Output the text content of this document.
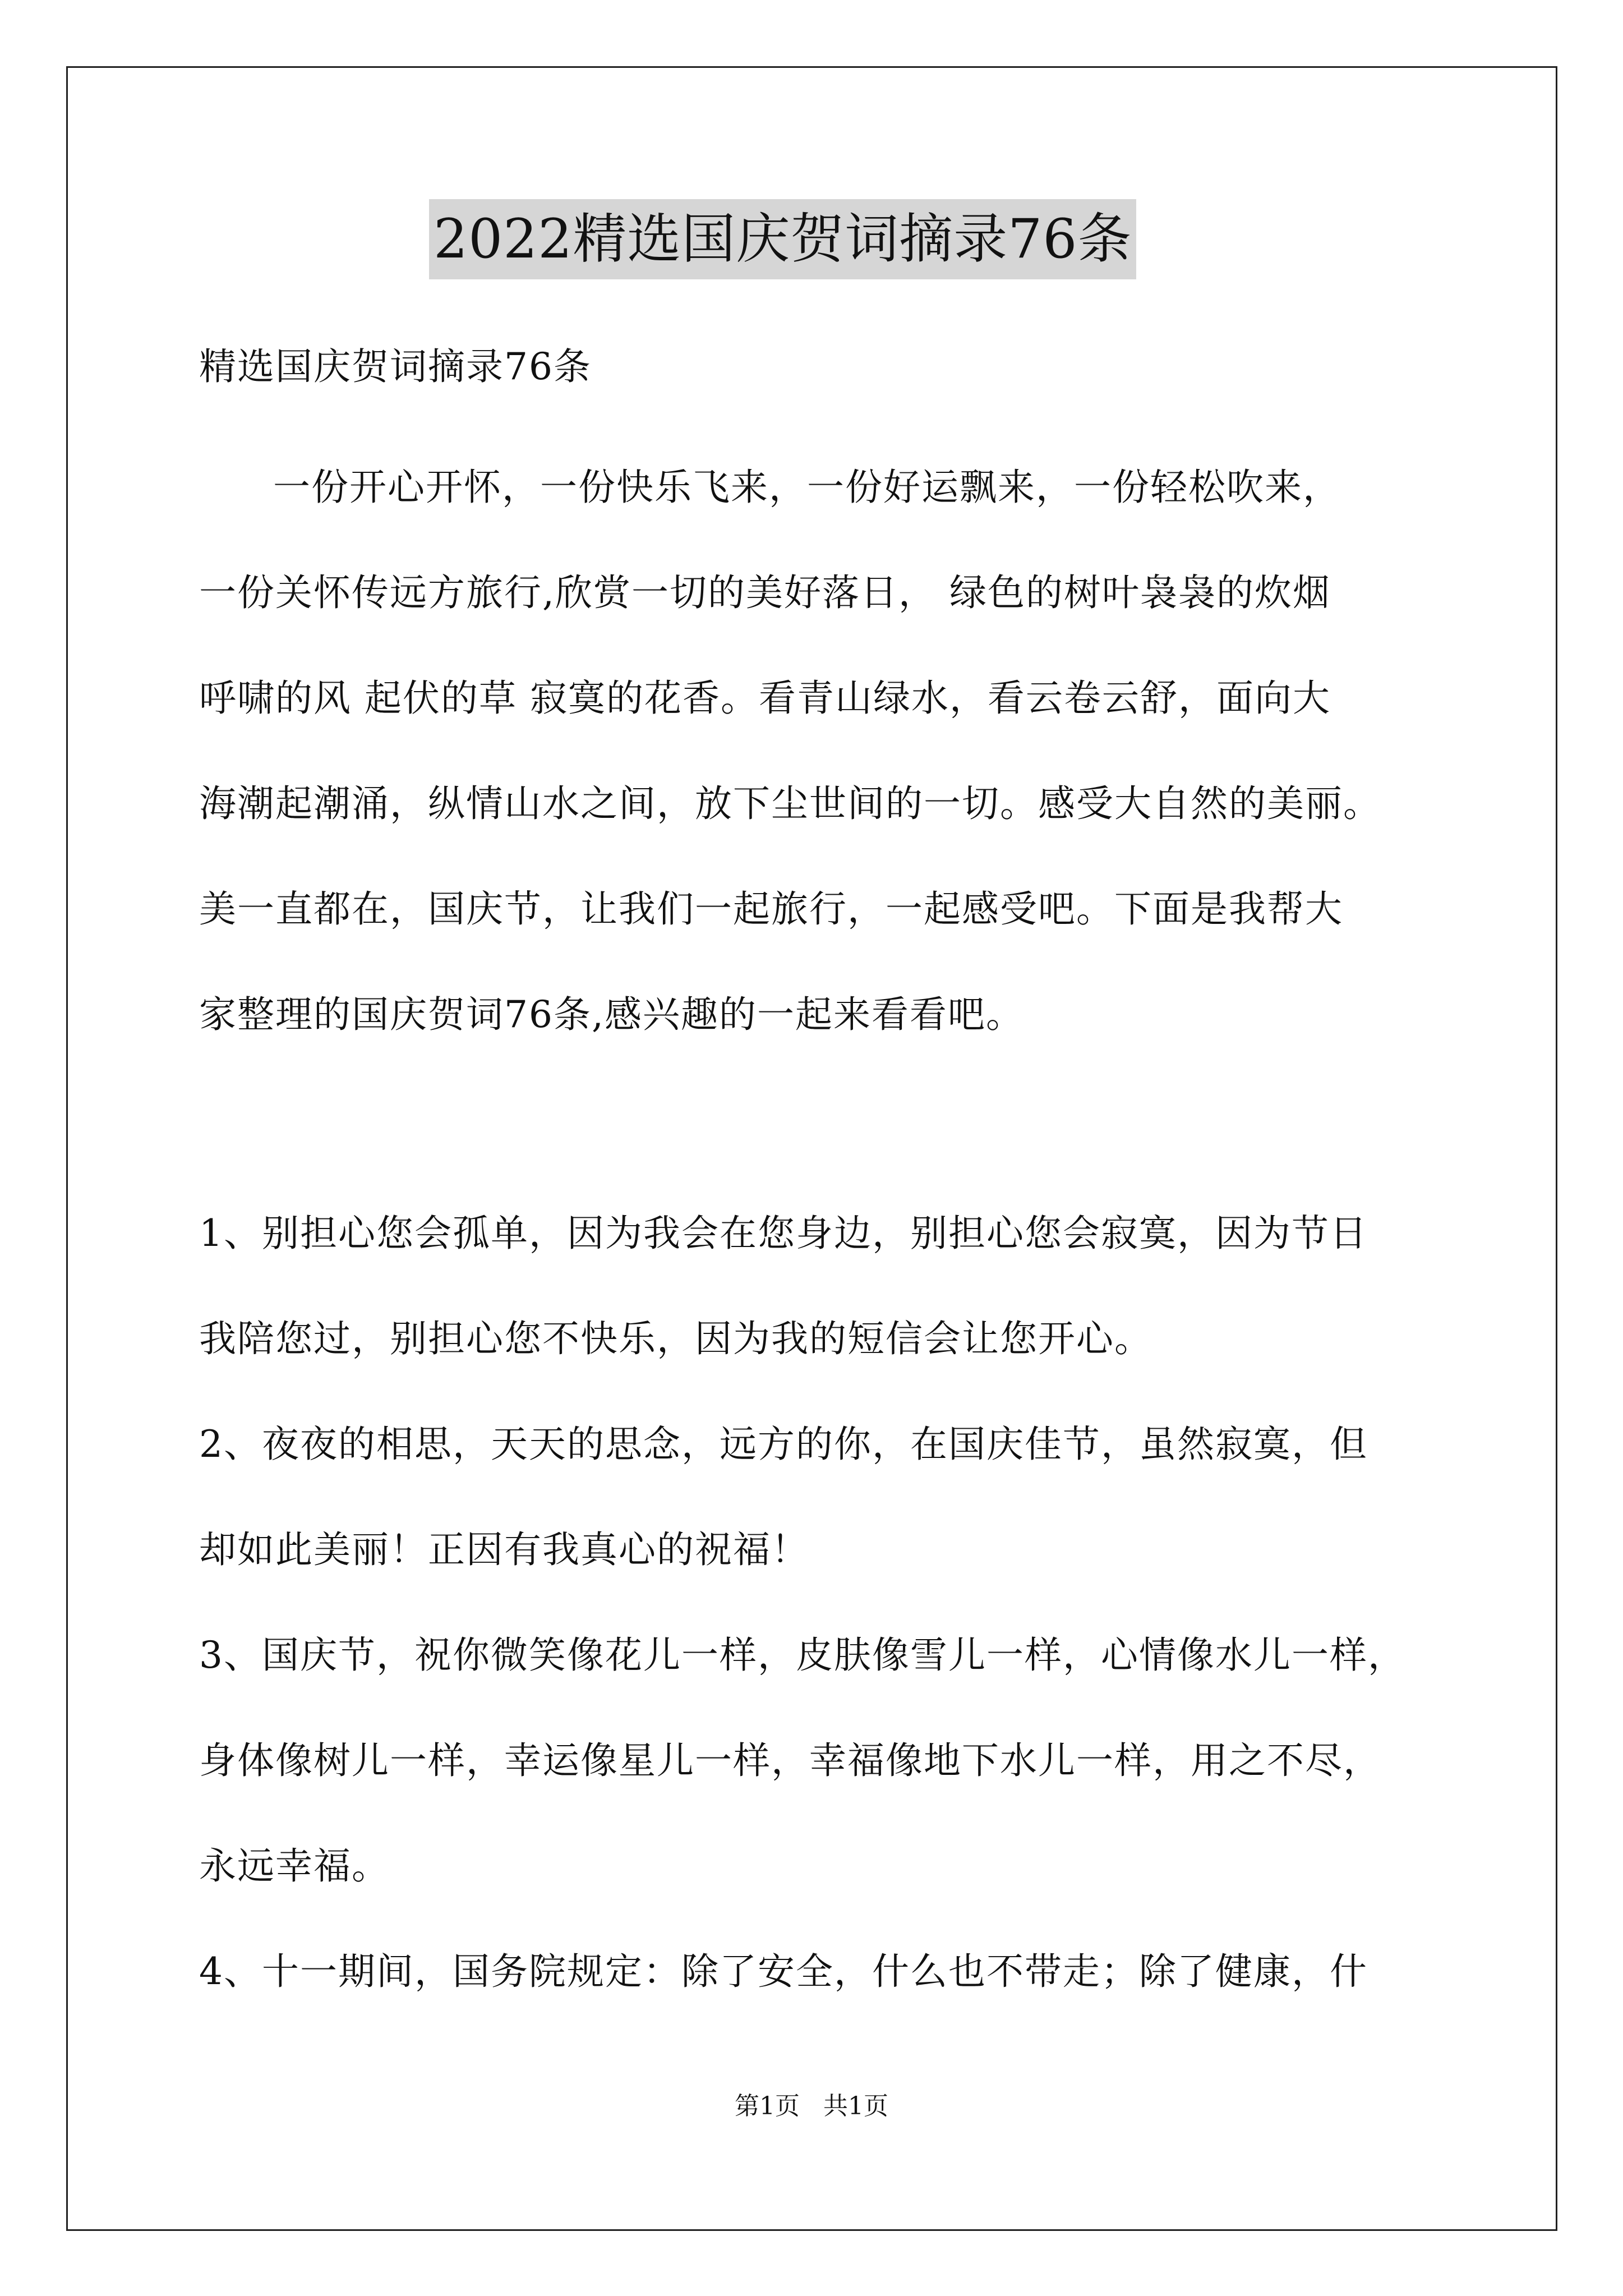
2022精选国庆贺词摘录76条
精选国庆贺词摘录76条
一份开心开怀，一份快乐飞来，一份好运飘来，一份轻松吹来，
一份关怀传远方旅行,欣赏一切的美好落日， 绿色的树叶袅袅的炊烟
呼啸的风 起伏的草 寂寞的花香。看青山绿水，看云卷云舒，面向大
海潮起潮涌，纵情山水之间，放下尘世间的一切。感受大自然的美丽。
美一直都在，国庆节，让我们一起旅行，一起感受吧。下面是我帮大
家整理的国庆贺词76条,感兴趣的一起来看看吧。
1、别担心您会孤单，因为我会在您身边，别担心您会寂寞，因为节日
我陪您过，别担心您不快乐，因为我的短信会让您开心。
2、夜夜的相思，天天的思念，远方的你，在国庆佳节，虽然寂寞，但
却如此美丽！正因有我真心的祝福！
3、国庆节，祝你微笑像花儿一样，皮肤像雪儿一样，心情像水儿一样，
身体像树儿一样，幸运像星儿一样，幸福像地下水儿一样，用之不尽，
永远幸福。
4、十一期间，国务院规定：除了安全，什么也不带走；除了健康，什
第1页 共1页
